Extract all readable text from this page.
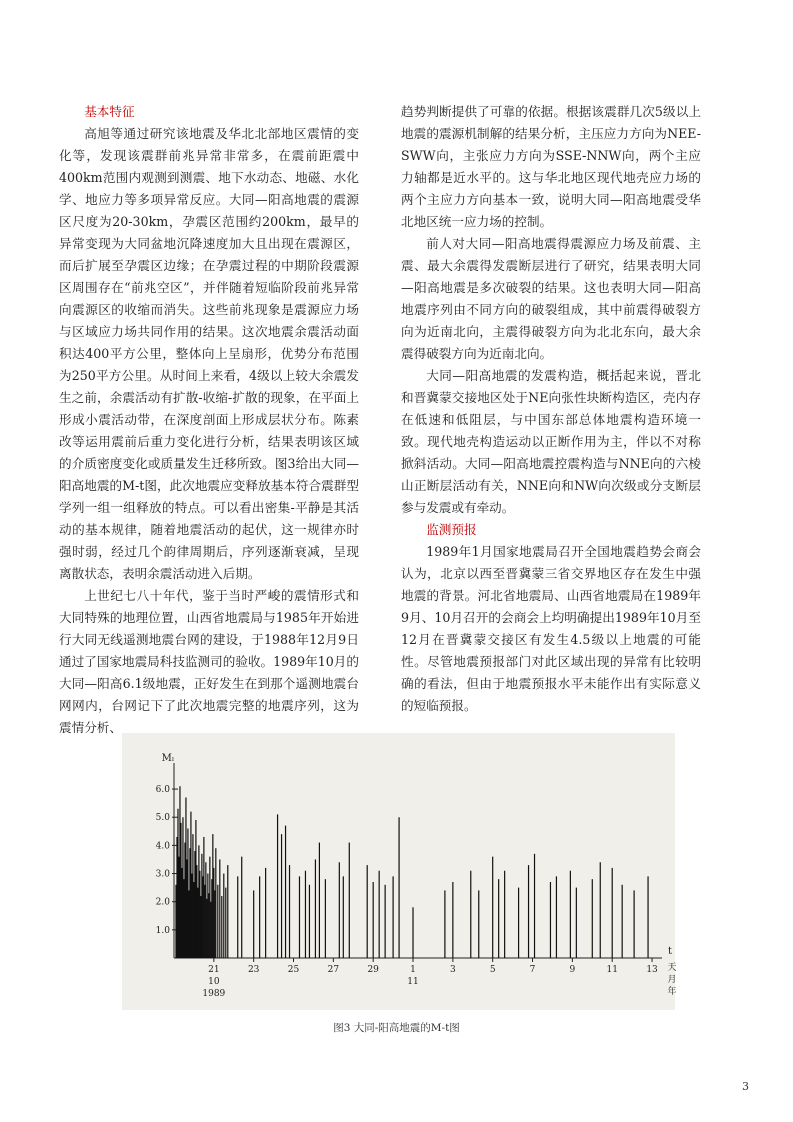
基本特征

高旭等通过研究该地震及华北北部地区震情的变化等，发现该震群前兆异常非常多，在震前距震中400km范围内观测到测震、地下水动态、地磁、水化学、地应力等多项异常反应。大同—阳高地震的震源区尺度为20-30km，孕震区范围约200km，最早的异常变现为大同盆地沉降速度加大且出现在震源区，而后扩展至孕震区边缘；在孕震过程的中期阶段震源区周围存在“前兆空区”，并伴随着短临阶段前兆异常向震源区的收缩而消失。这些前兆现象是震源应力场与区域应力场共同作用的结果。这次地震余震活动面积达400平方公里，整体向上呈扇形，优势分布范围为250平方公里。从时间上来看，4级以上较大余震发生之前，余震活动有扩散-收缩-扩散的现象，在平面上形成小震活动带，在深度剖面上形成层状分布。陈素改等运用震前后重力变化进行分析，结果表明该区域的介质密度变化或质量发生迁移所致。图3给出大同—阳高地震的M-t图，此次地震应变释放基本符合震群型学列一组一组释放的特点。可以看出密集-平静是其活动的基本规律，随着地震活动的起伏，这一规律亦时强时弱，经过几个韵律周期后，序列逐渐衰减，呈现离散状态，表明余震活动进入后期。

上世纪七八十年代，鉴于当时严峻的震情形式和大同特殊的地理位置，山西省地震局与1985年开始进行大同无线遥测地震台网的建设，于1988年12月9日通过了国家地震局科技监测司的验收。1989年10月的大同—阳高6.1级地震，正好发生在到那个遥测地震台网网内，台网记下了此次地震完整的地震序列，这为震情分析、

趋势判断提供了可靠的依据。根据该震群几次5级以上地震的震源机制解的结果分析，主压应力方向为NEE-SWW向，主张应力方向为SSE-NNW向，两个主应力轴都是近水平的。这与华北地区现代地壳应力场的两个主应力方向基本一致，说明大同—阳高地震受华北地区统一应力场的控制。

前人对大同—阳高地震得震源应力场及前震、主震、最大余震得发震断层进行了研究，结果表明大同—阳高地震是多次破裂的结果。这也表明大同—阳高地震序列由不同方向的破裂组成，其中前震得破裂方向为近南北向，主震得破裂方向为北北东向，最大余震得破裂方向为近南北向。

大同—阳高地震的发震构造，概括起来说，晋北和晋冀蒙交接地区处于NE向张性块断构造区，壳内存在低速和低阻层，与中国东部总体地震构造环境一致。现代地壳构造运动以正断作用为主，伴以不对称掀斜活动。大同—阳高地震控震构造与NNE向的六棱山正断层活动有关，NNE向和NW向次级或分支断层参与发震或有牵动。

监测预报

1989年1月国家地震局召开全国地震趋势会商会认为，北京以西至晋冀蒙三省交界地区存在发生中强地震的背景。河北省地震局、山西省地震局在1989年9月、10月召开的会商会上均明确提出1989年10月至12月在晋冀蒙交接区有发生4.5级以上地震的可能性。尽管地震预报部门对此区域出现的异常有比较明确的看法，但由于地震预报水平未能作出有实际意义的短临预报。

Mₗ
t
1.0
2.0
3.0
4.0
5.0
6.0
21	23	25	27	29	1	3	5	7	9	11	13
10
1989
11
天
月
年
图3 大同-阳高地震的M-t图
3
